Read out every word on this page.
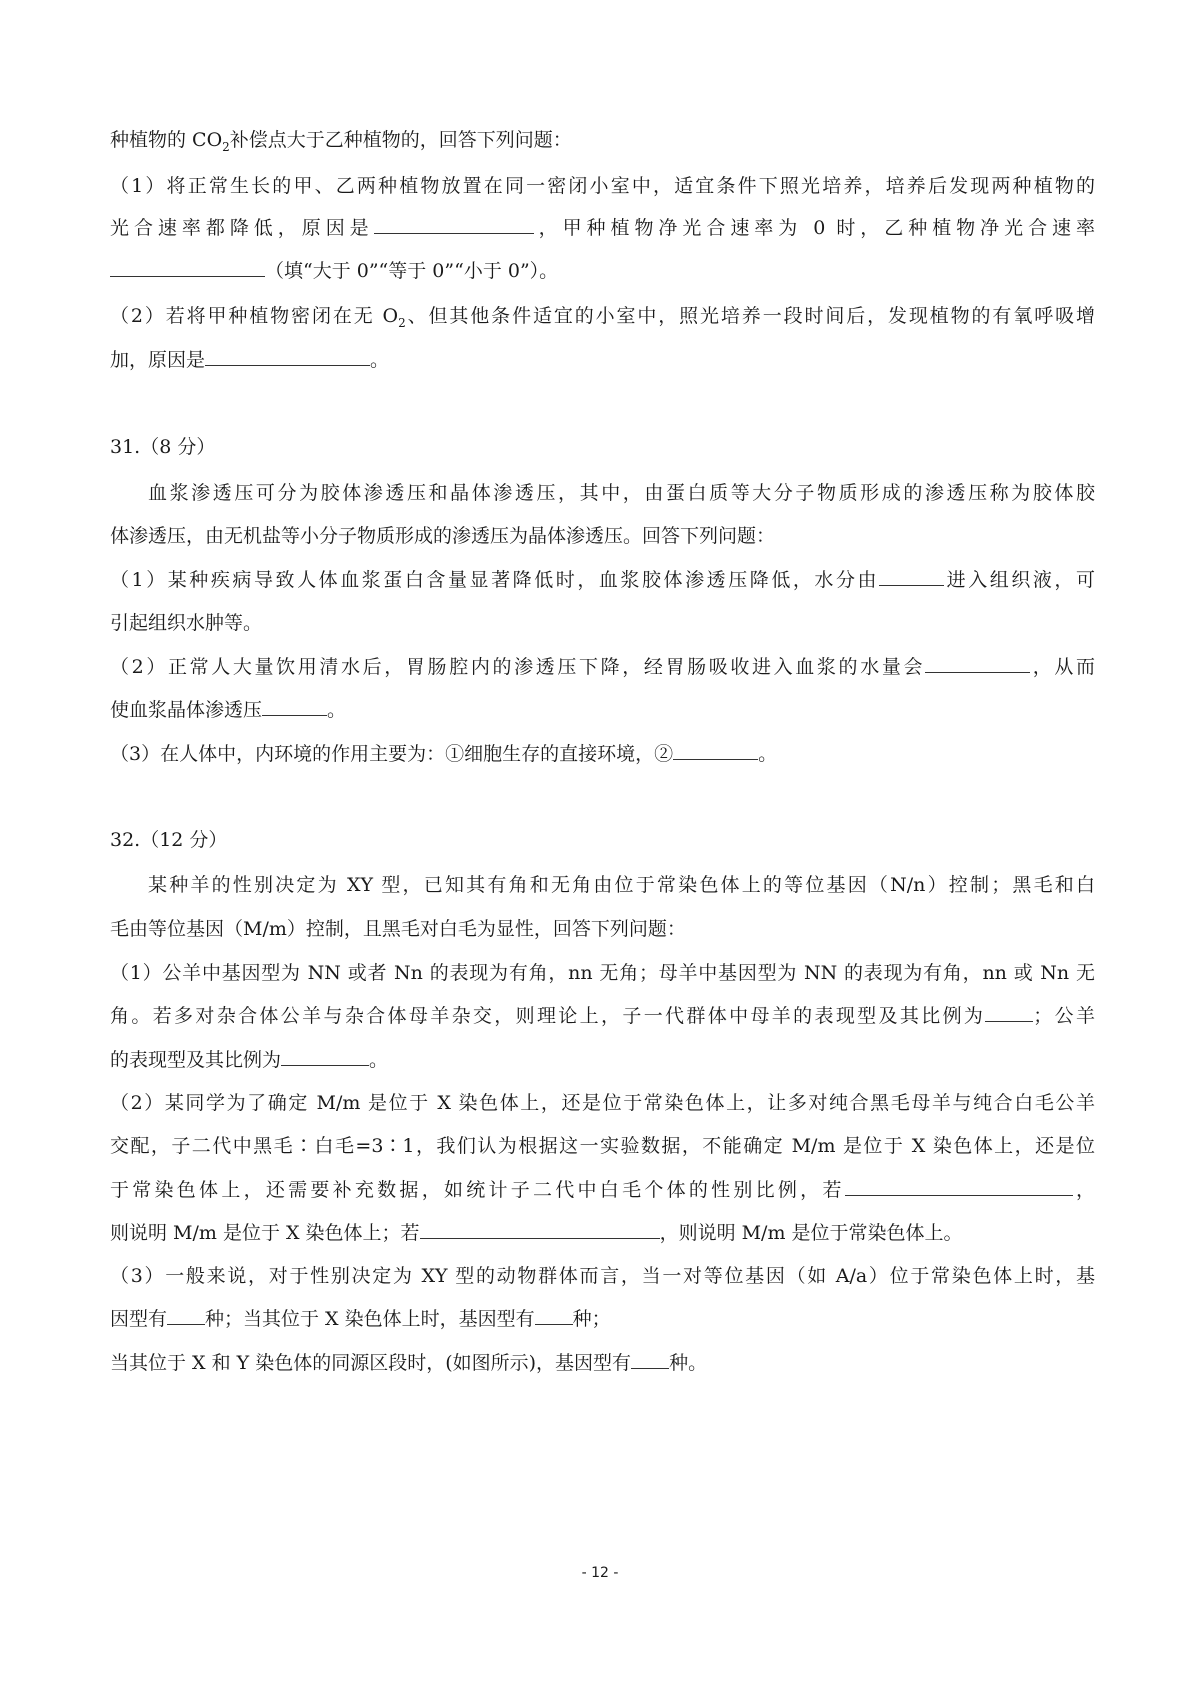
种植物的 $CO_2$补偿点大于乙种植物的，回答下列问题：
（1）将正常生长的甲、乙两种植物放置在同一密闭小室中，适宜条件下照光培养，培养后发现两种植物的
光合速率都降低，原因是	，甲种植物净光合速率为 0 时，乙种植物净光合速率
（填“大于 0”“等于 0”“小于 0”）。
（2）若将甲种植物密闭在无 $O_2$、但其他条件适宜的小室中，照光培养一段时间后，发现植物的有氧呼吸增
加，原因是	。
31.（8 分）
血浆渗透压可分为胶体渗透压和晶体渗透压，其中，由蛋白质等大分子物质形成的渗透压称为胶体胶
体渗透压，由无机盐等小分子物质形成的渗透压为晶体渗透压。回答下列问题：
（1）某种疾病导致人体血浆蛋白含量显著降低时，血浆胶体渗透压降低，水分由	进入组织液，可
引起组织水肿等。
（2）正常人大量饮用清水后，胃肠腔内的渗透压下降，经胃肠吸收进入血浆的水量会	，从而
使血浆晶体渗透压	。
（3）在人体中，内环境的作用主要为：①细胞生存的直接环境，②	。
32.（12 分）
某种羊的性别决定为 XY 型，已知其有角和无角由位于常染色体上的等位基因（N/n）控制；黑毛和白
毛由等位基因（M/m）控制，且黑毛对白毛为显性，回答下列问题：
（1）公羊中基因型为 NN 或者 Nn 的表现为有角，nn 无角；母羊中基因型为 NN 的表现为有角，nn 或 Nn 无
角。若多对杂合体公羊与杂合体母羊杂交，则理论上，子一代群体中母羊的表现型及其比例为	；公羊
的表现型及其比例为	。
（2）某同学为了确定 M/m 是位于 X 染色体上，还是位于常染色体上，让多对纯合黑毛母羊与纯合白毛公羊
交配，子二代中黑毛∶白毛=3∶1，我们认为根据这一实验数据，不能确定 M/m 是位于 X 染色体上，还是位
于常染色体上，还需要补充数据，如统计子二代中白毛个体的性别比例，若	，
则说明 M/m 是位于 X 染色体上；若	，则说明 M/m 是位于常染色体上。
（3）一般来说，对于性别决定为 XY 型的动物群体而言，当一对等位基因（如 A/a）位于常染色体上时，基
因型有 种；当其位于 X 染色体上时，基因型有 种；
当其位于 X 和 Y 染色体的同源区段时，(如图所示)，基因型有 种。
- 12 -
